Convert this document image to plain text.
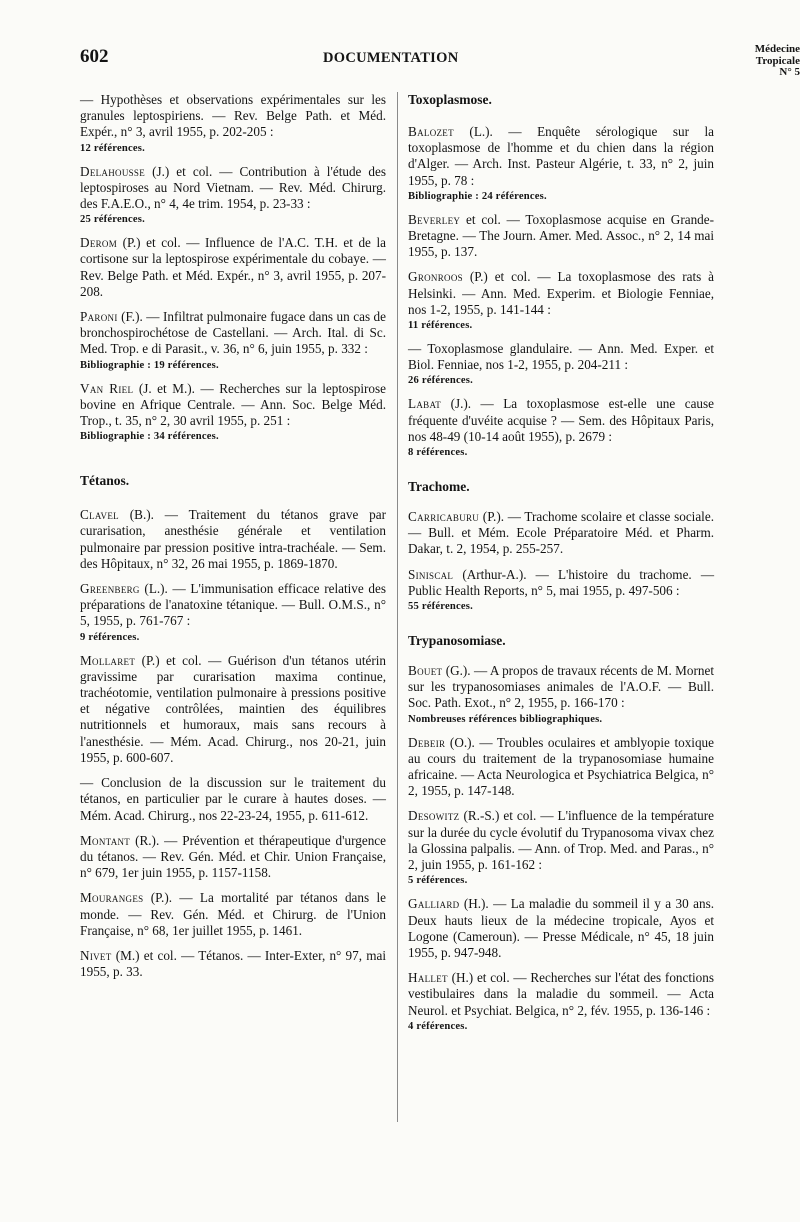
602	DOCUMENTATION
Médecine
Tropicale
N° 5

— Hypothèses et observations expérimentales sur les granules leptospiriens. — Rev. Belge Path. et Méd. Expér., n° 3, avril 1955, p. 202-205 :

12 références.

Delahousse (J.) et col. — Contribution à l'étude des leptospiroses au Nord Vietnam. — Rev. Méd. Chirurg. des F.A.E.O., n° 4, 4e trim. 1954, p. 23-33 :

25 références.

Derom (P.) et col. — Influence de l'A.C. T.H. et de la cortisone sur la leptospirose expérimentale du cobaye. — Rev. Belge Path. et Méd. Expér., n° 3, avril 1955, p. 207-208.

Paroni (F.). — Infiltrat pulmonaire fugace dans un cas de bronchospirochétose de Castellani. — Arch. Ital. di Sc. Med. Trop. e di Parasit., v. 36, n° 6, juin 1955, p. 332 :

Bibliographie : 19 références.

Van Riel (J. et M.). — Recherches sur la leptospirose bovine en Afrique Centrale. — Ann. Soc. Belge Méd. Trop., t. 35, n° 2, 30 avril 1955, p. 251 :

Bibliographie : 34 références.

Tétanos.

Clavel (B.). — Traitement du tétanos grave par curarisation, anesthésie générale et ventilation pulmonaire par pression positive intra-trachéale. — Sem. des Hôpitaux, n° 32, 26 mai 1955, p. 1869-1870.

Greenberg (L.). — L'immunisation efficace relative des préparations de l'anatoxine tétanique. — Bull. O.M.S., n° 5, 1955, p. 761-767 :

9 références.

Mollaret (P.) et col. — Guérison d'un tétanos utérin gravissime par curarisation maxima continue, trachéotomie, ventilation pulmonaire à pressions positive et négative contrôlées, maintien des équilibres nutritionnels et humoraux, mais sans recours à l'anesthésie. — Mém. Acad. Chirurg., nos 20-21, juin 1955, p. 600-607.

— Conclusion de la discussion sur le traitement du tétanos, en particulier par le curare à hautes doses. — Mém. Acad. Chirurg., nos 22-23-24, 1955, p. 611-612.

Montant (R.). — Prévention et thérapeutique d'urgence du tétanos. — Rev. Gén. Méd. et Chir. Union Française, n° 679, 1er juin 1955, p. 1157-1158.

Mouranges (P.). — La mortalité par tétanos dans le monde. — Rev. Gén. Méd. et Chirurg. de l'Union Française, n° 68, 1er juillet 1955, p. 1461.

Nivet (M.) et col. — Tétanos. — Inter-Exter, n° 97, mai 1955, p. 33.

Toxoplasmose.

Balozet (L.). — Enquête sérologique sur la toxoplasmose de l'homme et du chien dans la région d'Alger. — Arch. Inst. Pasteur Algérie, t. 33, n° 2, juin 1955, p. 78 :

Bibliographie : 24 références.

Beverley et col. — Toxoplasmose acquise en Grande-Bretagne. — The Journ. Amer. Med. Assoc., n° 2, 14 mai 1955, p. 137.

Gronroos (P.) et col. — La toxoplasmose des rats à Helsinki. — Ann. Med. Experim. et Biologie Fenniae, nos 1-2, 1955, p. 141-144 :

11 références.

— Toxoplasmose glandulaire. — Ann. Med. Exper. et Biol. Fenniae, nos 1-2, 1955, p. 204-211 :

26 références.

Labat (J.). — La toxoplasmose est-elle une cause fréquente d'uvéite acquise ? — Sem. des Hôpitaux Paris, nos 48-49 (10-14 août 1955), p. 2679 :

8 références.

Trachome.

Carricaburu (P.). — Trachome scolaire et classe sociale. — Bull. et Mém. Ecole Préparatoire Méd. et Pharm. Dakar, t. 2, 1954, p. 255-257.

Siniscal (Arthur-A.). — L'histoire du trachome. — Public Health Reports, n° 5, mai 1955, p. 497-506 :

55 références.

Trypanosomiase.

Bouet (G.). — A propos de travaux récents de M. Mornet sur les trypanosomiases animales de l'A.O.F. — Bull. Soc. Path. Exot., n° 2, 1955, p. 166-170 :

Nombreuses références bibliographiques.

Debeir (O.). — Troubles oculaires et amblyopie toxique au cours du traitement de la trypanosomiase humaine africaine. — Acta Neurologica et Psychiatrica Belgica, n° 2, 1955, p. 147-148.

Desowitz (R.-S.) et col. — L'influence de la température sur la durée du cycle évolutif du Trypanosoma vivax chez la Glossina palpalis. — Ann. of Trop. Med. and Paras., n° 2, juin 1955, p. 161-162 :

5 références.

Galliard (H.). — La maladie du sommeil il y a 30 ans. Deux hauts lieux de la médecine tropicale, Ayos et Logone (Cameroun). — Presse Médicale, n° 45, 18 juin 1955, p. 947-948.

Hallet (H.) et col. — Recherches sur l'état des fonctions vestibulaires dans la maladie du sommeil. — Acta Neurol. et Psychiat. Belgica, n° 2, fév. 1955, p. 136-146 :

4 références.
